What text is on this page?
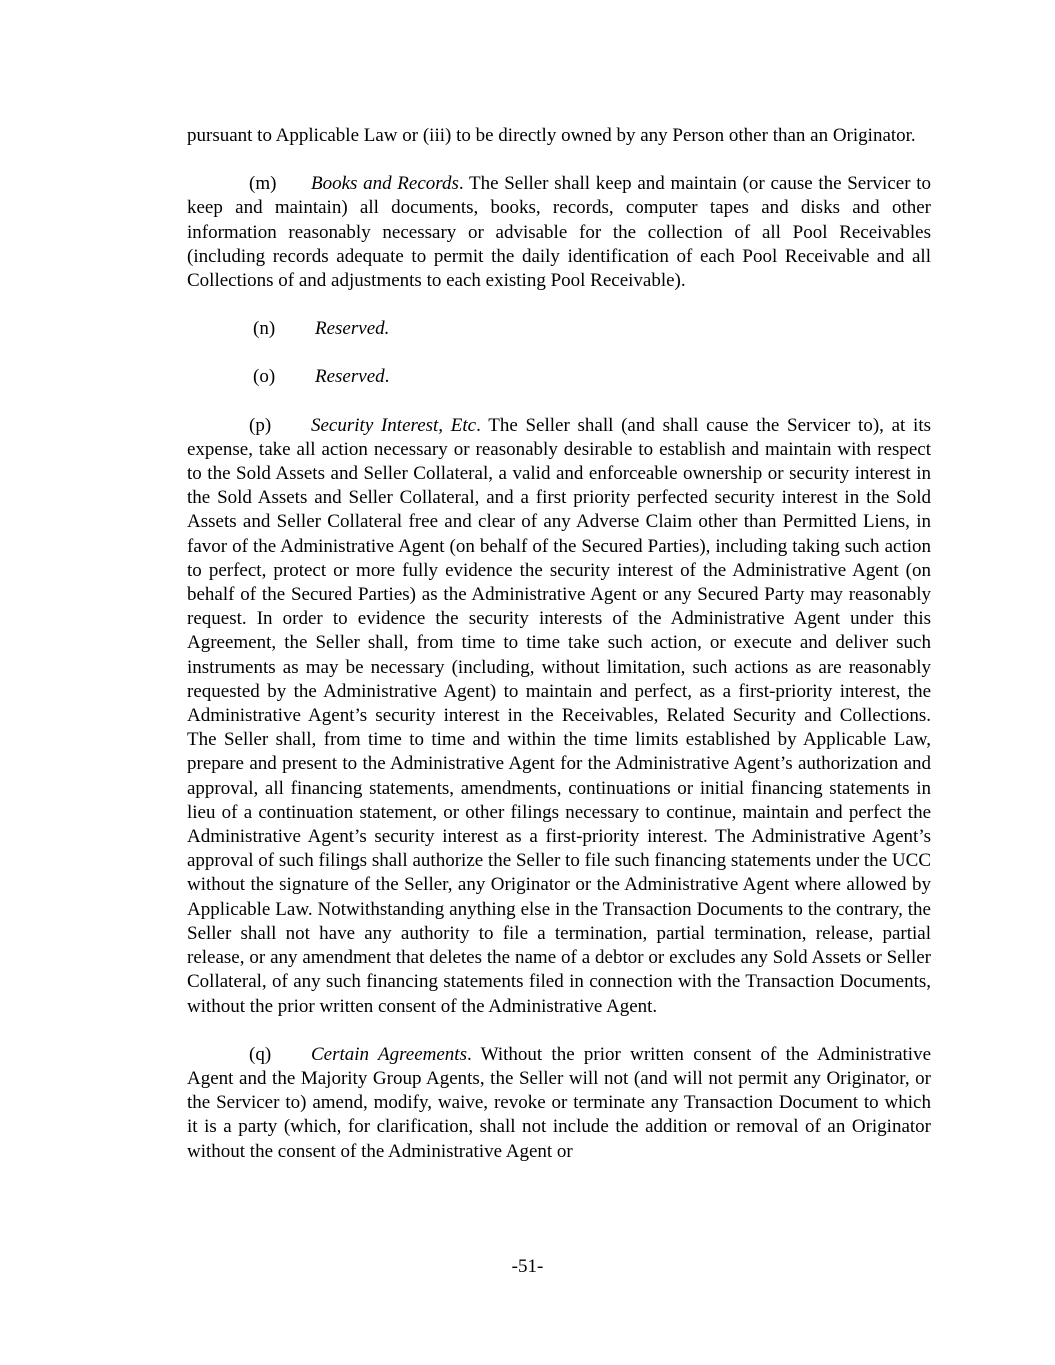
pursuant to Applicable Law or (iii) to be directly owned by any Person other than an Originator.

(m) Books and Records. The Seller shall keep and maintain (or cause the Servicer to keep and maintain) all documents, books, records, computer tapes and disks and other information reasonably necessary or advisable for the collection of all Pool Receivables (including records adequate to permit the daily identification of each Pool Receivable and all Collections of and adjustments to each existing Pool Receivable).

(n) Reserved.

(o) Reserved.

(p) Security Interest, Etc. The Seller shall (and shall cause the Servicer to), at its expense, take all action necessary or reasonably desirable to establish and maintain with respect to the Sold Assets and Seller Collateral, a valid and enforceable ownership or security interest in the Sold Assets and Seller Collateral, and a first priority perfected security interest in the Sold Assets and Seller Collateral free and clear of any Adverse Claim other than Permitted Liens, in favor of the Administrative Agent (on behalf of the Secured Parties), including taking such action to perfect, protect or more fully evidence the security interest of the Administrative Agent (on behalf of the Secured Parties) as the Administrative Agent or any Secured Party may reasonably request. In order to evidence the security interests of the Administrative Agent under this Agreement, the Seller shall, from time to time take such action, or execute and deliver such instruments as may be necessary (including, without limitation, such actions as are reasonably requested by the Administrative Agent) to maintain and perfect, as a first-priority interest, the Administrative Agent’s security interest in the Receivables, Related Security and Collections. The Seller shall, from time to time and within the time limits established by Applicable Law, prepare and present to the Administrative Agent for the Administrative Agent’s authorization and approval, all financing statements, amendments, continuations or initial financing statements in lieu of a continuation statement, or other filings necessary to continue, maintain and perfect the Administrative Agent’s security interest as a first-priority interest. The Administrative Agent’s approval of such filings shall authorize the Seller to file such financing statements under the UCC without the signature of the Seller, any Originator or the Administrative Agent where allowed by Applicable Law. Notwithstanding anything else in the Transaction Documents to the contrary, the Seller shall not have any authority to file a termination, partial termination, release, partial release, or any amendment that deletes the name of a debtor or excludes any Sold Assets or Seller Collateral, of any such financing statements filed in connection with the Transaction Documents, without the prior written consent of the Administrative Agent.

(q) Certain Agreements. Without the prior written consent of the Administrative Agent and the Majority Group Agents, the Seller will not (and will not permit any Originator, or the Servicer to) amend, modify, waive, revoke or terminate any Transaction Document to which it is a party (which, for clarification, shall not include the addition or removal of an Originator without the consent of the Administrative Agent or

-51-
